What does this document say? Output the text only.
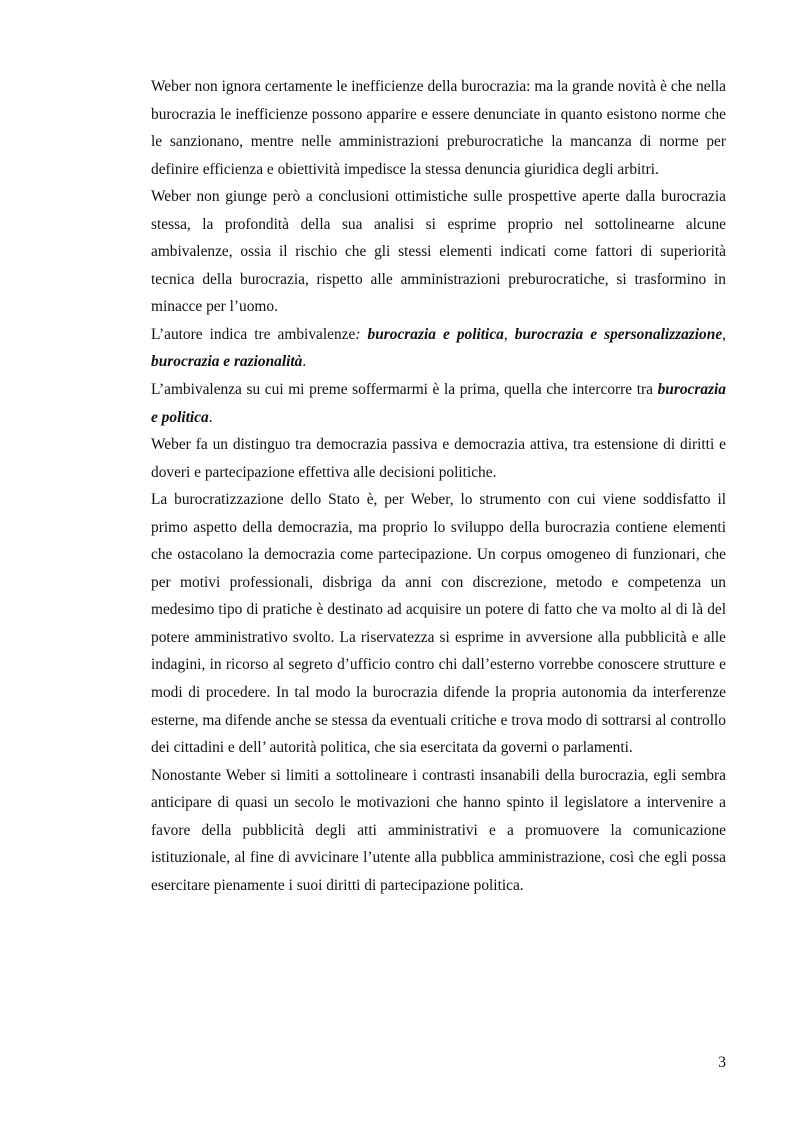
Weber non ignora certamente le inefficienze della burocrazia: ma la grande novità è che nella burocrazia le inefficienze possono apparire e essere denunciate in quanto esistono norme che le sanzionano, mentre nelle amministrazioni preburocratiche la mancanza di norme per definire efficienza e obiettività impedisce la stessa denuncia giuridica degli arbitri.

Weber non giunge però a conclusioni ottimistiche sulle prospettive aperte dalla burocrazia stessa, la profondità della sua analisi si esprime proprio nel sottolinearne alcune ambivalenze, ossia il rischio che gli stessi elementi indicati come fattori di superiorità tecnica della burocrazia, rispetto alle amministrazioni preburocratiche, si trasformino in minacce per l’uomo.

L’autore indica tre ambivalenze: burocrazia e politica, burocrazia e spersonalizzazione, burocrazia e razionalità.

L’ambivalenza su cui mi preme soffermarmi è la prima, quella che intercorre tra burocrazia e politica.

Weber fa un distinguo tra democrazia passiva e democrazia attiva, tra estensione di diritti e doveri e partecipazione effettiva alle decisioni politiche.

La burocratizzazione dello Stato è, per Weber, lo strumento con cui viene soddisfatto il primo aspetto della democrazia, ma proprio lo sviluppo della burocrazia contiene elementi che ostacolano la democrazia come partecipazione. Un corpus omogeneo di funzionari, che per motivi professionali, disbriga da anni con discrezione, metodo e competenza un medesimo tipo di pratiche è destinato ad acquisire un potere di fatto che va molto al di là del potere amministrativo svolto. La riservatezza si esprime in avversione alla pubblicità e alle indagini, in ricorso al segreto d’ufficio contro chi dall’esterno vorrebbe conoscere strutture e modi di procedere. In tal modo la burocrazia difende la propria autonomia da interferenze esterne, ma difende anche se stessa da eventuali critiche e trova modo di sottrarsi al controllo dei cittadini e dell’ autorità politica, che sia esercitata da governi o parlamenti.

Nonostante Weber si limiti a sottolineare i contrasti insanabili della burocrazia, egli sembra anticipare di quasi un secolo le motivazioni che hanno spinto il legislatore a intervenire a favore della pubblicità degli atti amministrativi e a promuovere la comunicazione istituzionale, al fine di avvicinare l’utente alla pubblica amministrazione, così che egli possa esercitare pienamente i suoi diritti di partecipazione politica.

3
